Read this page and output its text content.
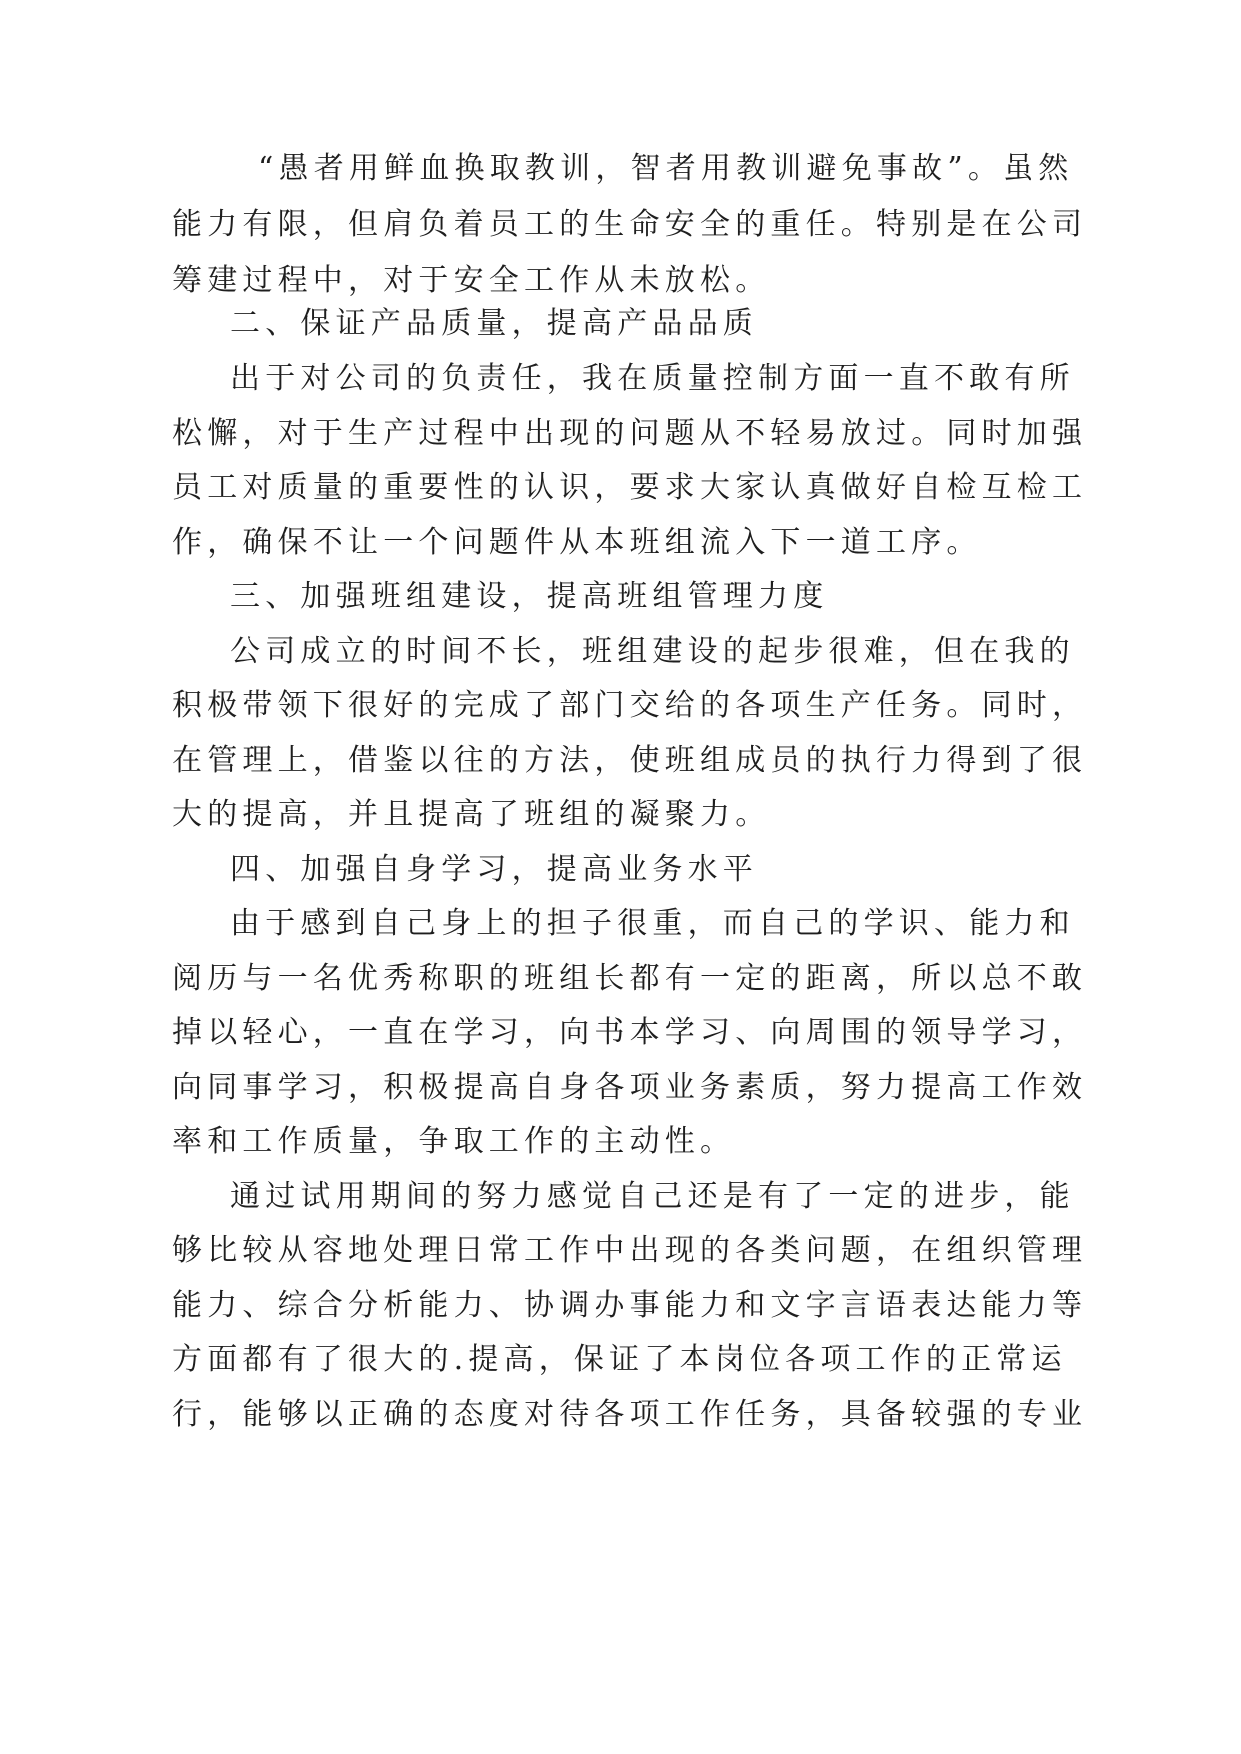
“愚者用鲜血换取教训，智者用教训避免事故”。虽然
能力有限，但肩负着员工的生命安全的重任。特别是在公司
筹建过程中，对于安全工作从未放松。
二、保证产品质量，提高产品品质
出于对公司的负责任，我在质量控制方面一直不敢有所
松懈，对于生产过程中出现的问题从不轻易放过。同时加强
员工对质量的重要性的认识，要求大家认真做好自检互检工
作，确保不让一个问题件从本班组流入下一道工序。
三、加强班组建设，提高班组管理力度
公司成立的时间不长，班组建设的起步很难，但在我的
积极带领下很好的完成了部门交给的各项生产任务。同时，
在管理上，借鉴以往的方法，使班组成员的执行力得到了很
大的提高，并且提高了班组的凝聚力。
四、加强自身学习，提高业务水平
由于感到自己身上的担子很重，而自己的学识、能力和
阅历与一名优秀称职的班组长都有一定的距离，所以总不敢
掉以轻心，一直在学习，向书本学习、向周围的领导学习，
向同事学习，积极提高自身各项业务素质，努力提高工作效
率和工作质量，争取工作的主动性。
通过试用期间的努力感觉自己还是有了一定的进步，能
够比较从容地处理日常工作中出现的各类问题，在组织管理
能力、综合分析能力、协调办事能力和文字言语表达能力等
方面都有了很大的.提高，保证了本岗位各项工作的正常运
行，能够以正确的态度对待各项工作任务，具备较强的专业
